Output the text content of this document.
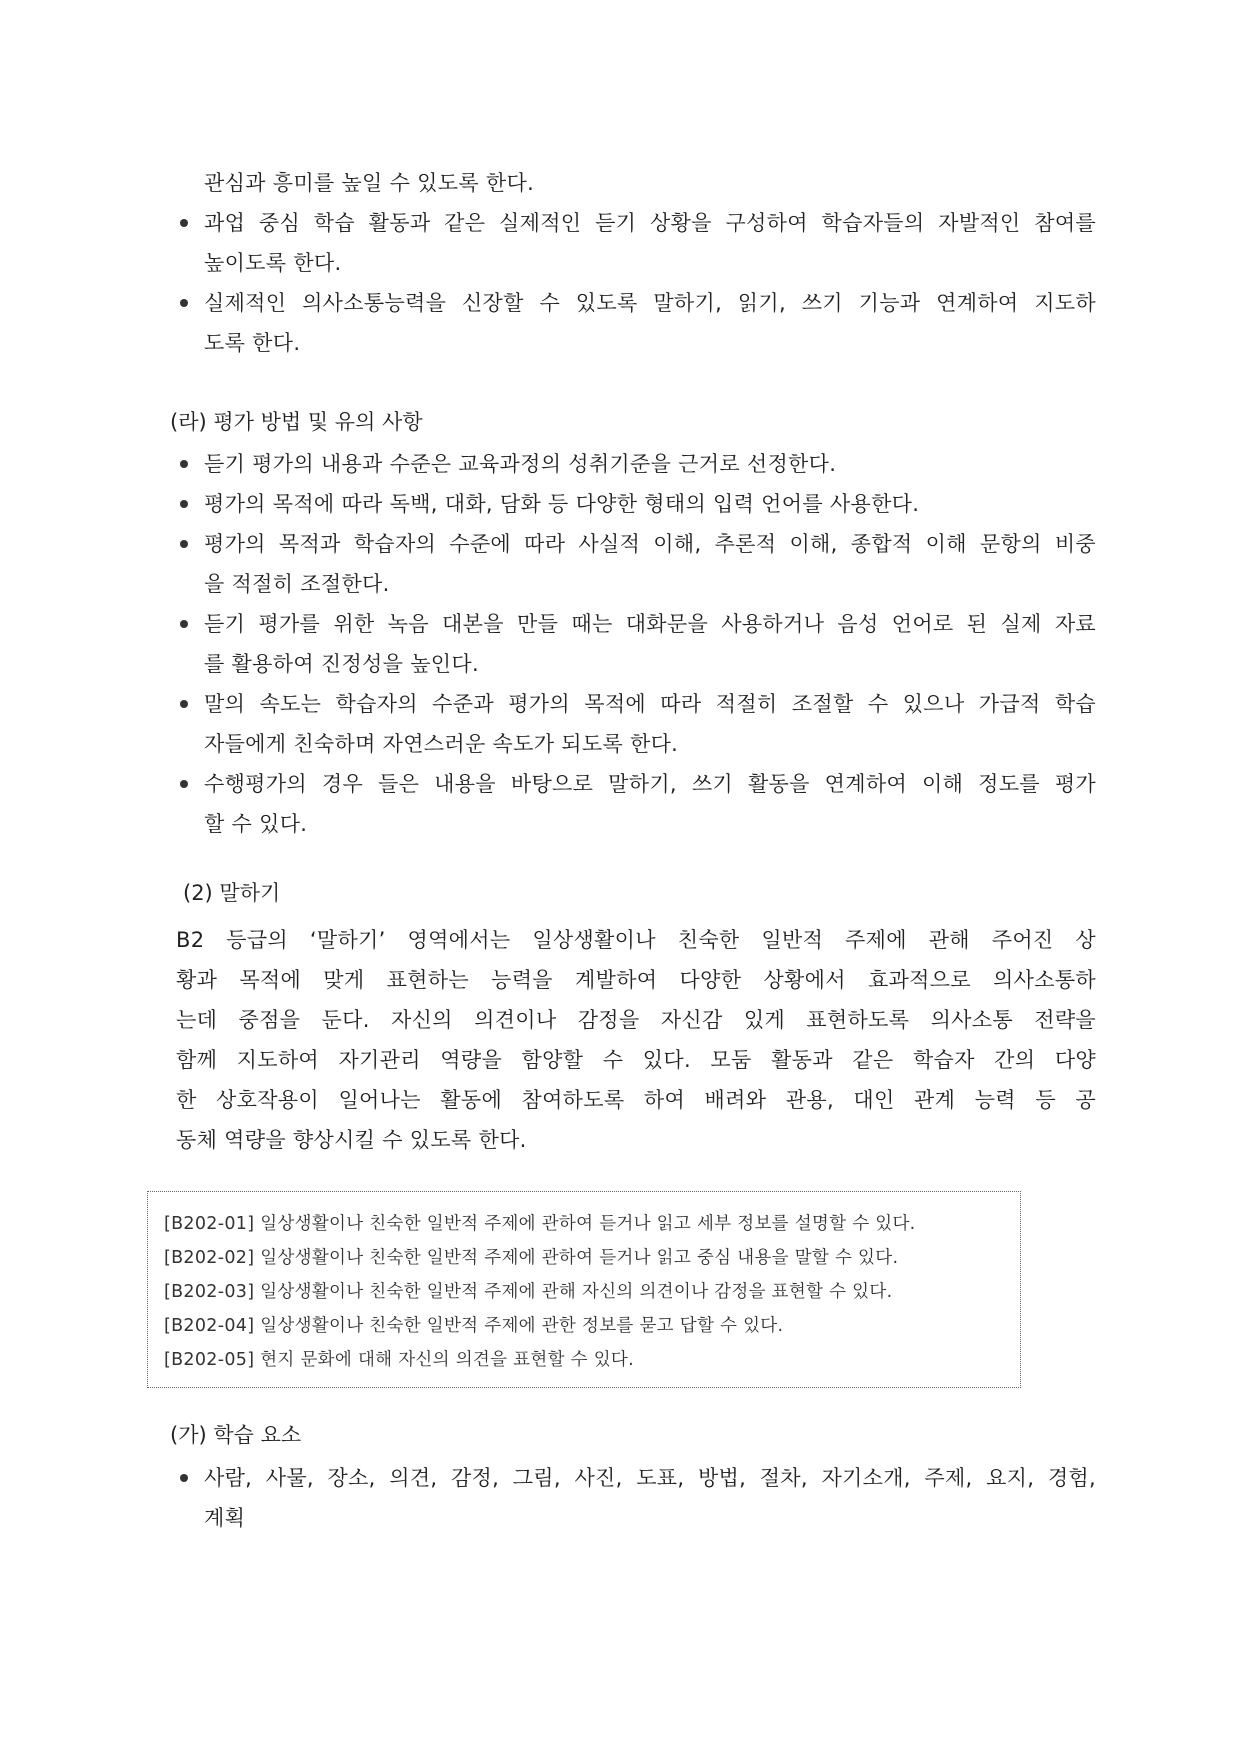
관심과 흥미를 높일 수 있도록 한다.
과업 중심 학습 활동과 같은 실제적인 듣기 상황을 구성하여 학습자들의 자발적인 참여를
높이도록 한다.
실제적인 의사소통능력을 신장할 수 있도록 말하기, 읽기, 쓰기 기능과 연계하여 지도하
도록 한다.
(라) 평가 방법 및 유의 사항
듣기 평가의 내용과 수준은 교육과정의 성취기준을 근거로 선정한다.
평가의 목적에 따라 독백, 대화, 담화 등 다양한 형태의 입력 언어를 사용한다.
평가의 목적과 학습자의 수준에 따라 사실적 이해, 추론적 이해, 종합적 이해 문항의 비중
을 적절히 조절한다.
듣기 평가를 위한 녹음 대본을 만들 때는 대화문을 사용하거나 음성 언어로 된 실제 자료
를 활용하여 진정성을 높인다.
말의 속도는 학습자의 수준과 평가의 목적에 따라 적절히 조절할 수 있으나 가급적 학습
자들에게 친숙하며 자연스러운 속도가 되도록 한다.
수행평가의 경우 들은 내용을 바탕으로 말하기, 쓰기 활동을 연계하여 이해 정도를 평가
할 수 있다.
(2) 말하기
B2 등급의 ‘말하기’ 영역에서는 일상생활이나 친숙한 일반적 주제에 관해 주어진 상
황과 목적에 맞게 표현하는 능력을 계발하여 다양한 상황에서 효과적으로 의사소통하
는데 중점을 둔다. 자신의 의견이나 감정을 자신감 있게 표현하도록 의사소통 전략을
함께 지도하여 자기관리 역량을 함양할 수 있다. 모둠 활동과 같은 학습자 간의 다양
한 상호작용이 일어나는 활동에 참여하도록 하여 배려와 관용, 대인 관계 능력 등 공
동체 역량을 향상시킬 수 있도록 한다.
[B202-01] 일상생활이나 친숙한 일반적 주제에 관하여 듣거나 읽고 세부 정보를 설명할 수 있다.
[B202-02] 일상생활이나 친숙한 일반적 주제에 관하여 듣거나 읽고 중심 내용을 말할 수 있다.
[B202-03] 일상생활이나 친숙한 일반적 주제에 관해 자신의 의견이나 감정을 표현할 수 있다.
[B202-04] 일상생활이나 친숙한 일반적 주제에 관한 정보를 묻고 답할 수 있다.
[B202-05] 현지 문화에 대해 자신의 의견을 표현할 수 있다.
(가) 학습 요소
사람, 사물, 장소, 의견, 감정, 그림, 사진, 도표, 방법, 절차, 자기소개, 주제, 요지, 경험,
계획
